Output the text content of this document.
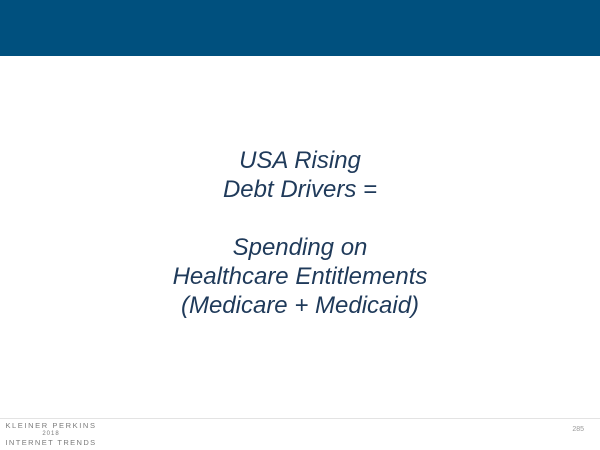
USA Rising
Debt Drivers =
Spending on
Healthcare Entitlements
(Medicare + Medicaid)
KLEINER PERKINS
2018
INTERNET TRENDS
285
